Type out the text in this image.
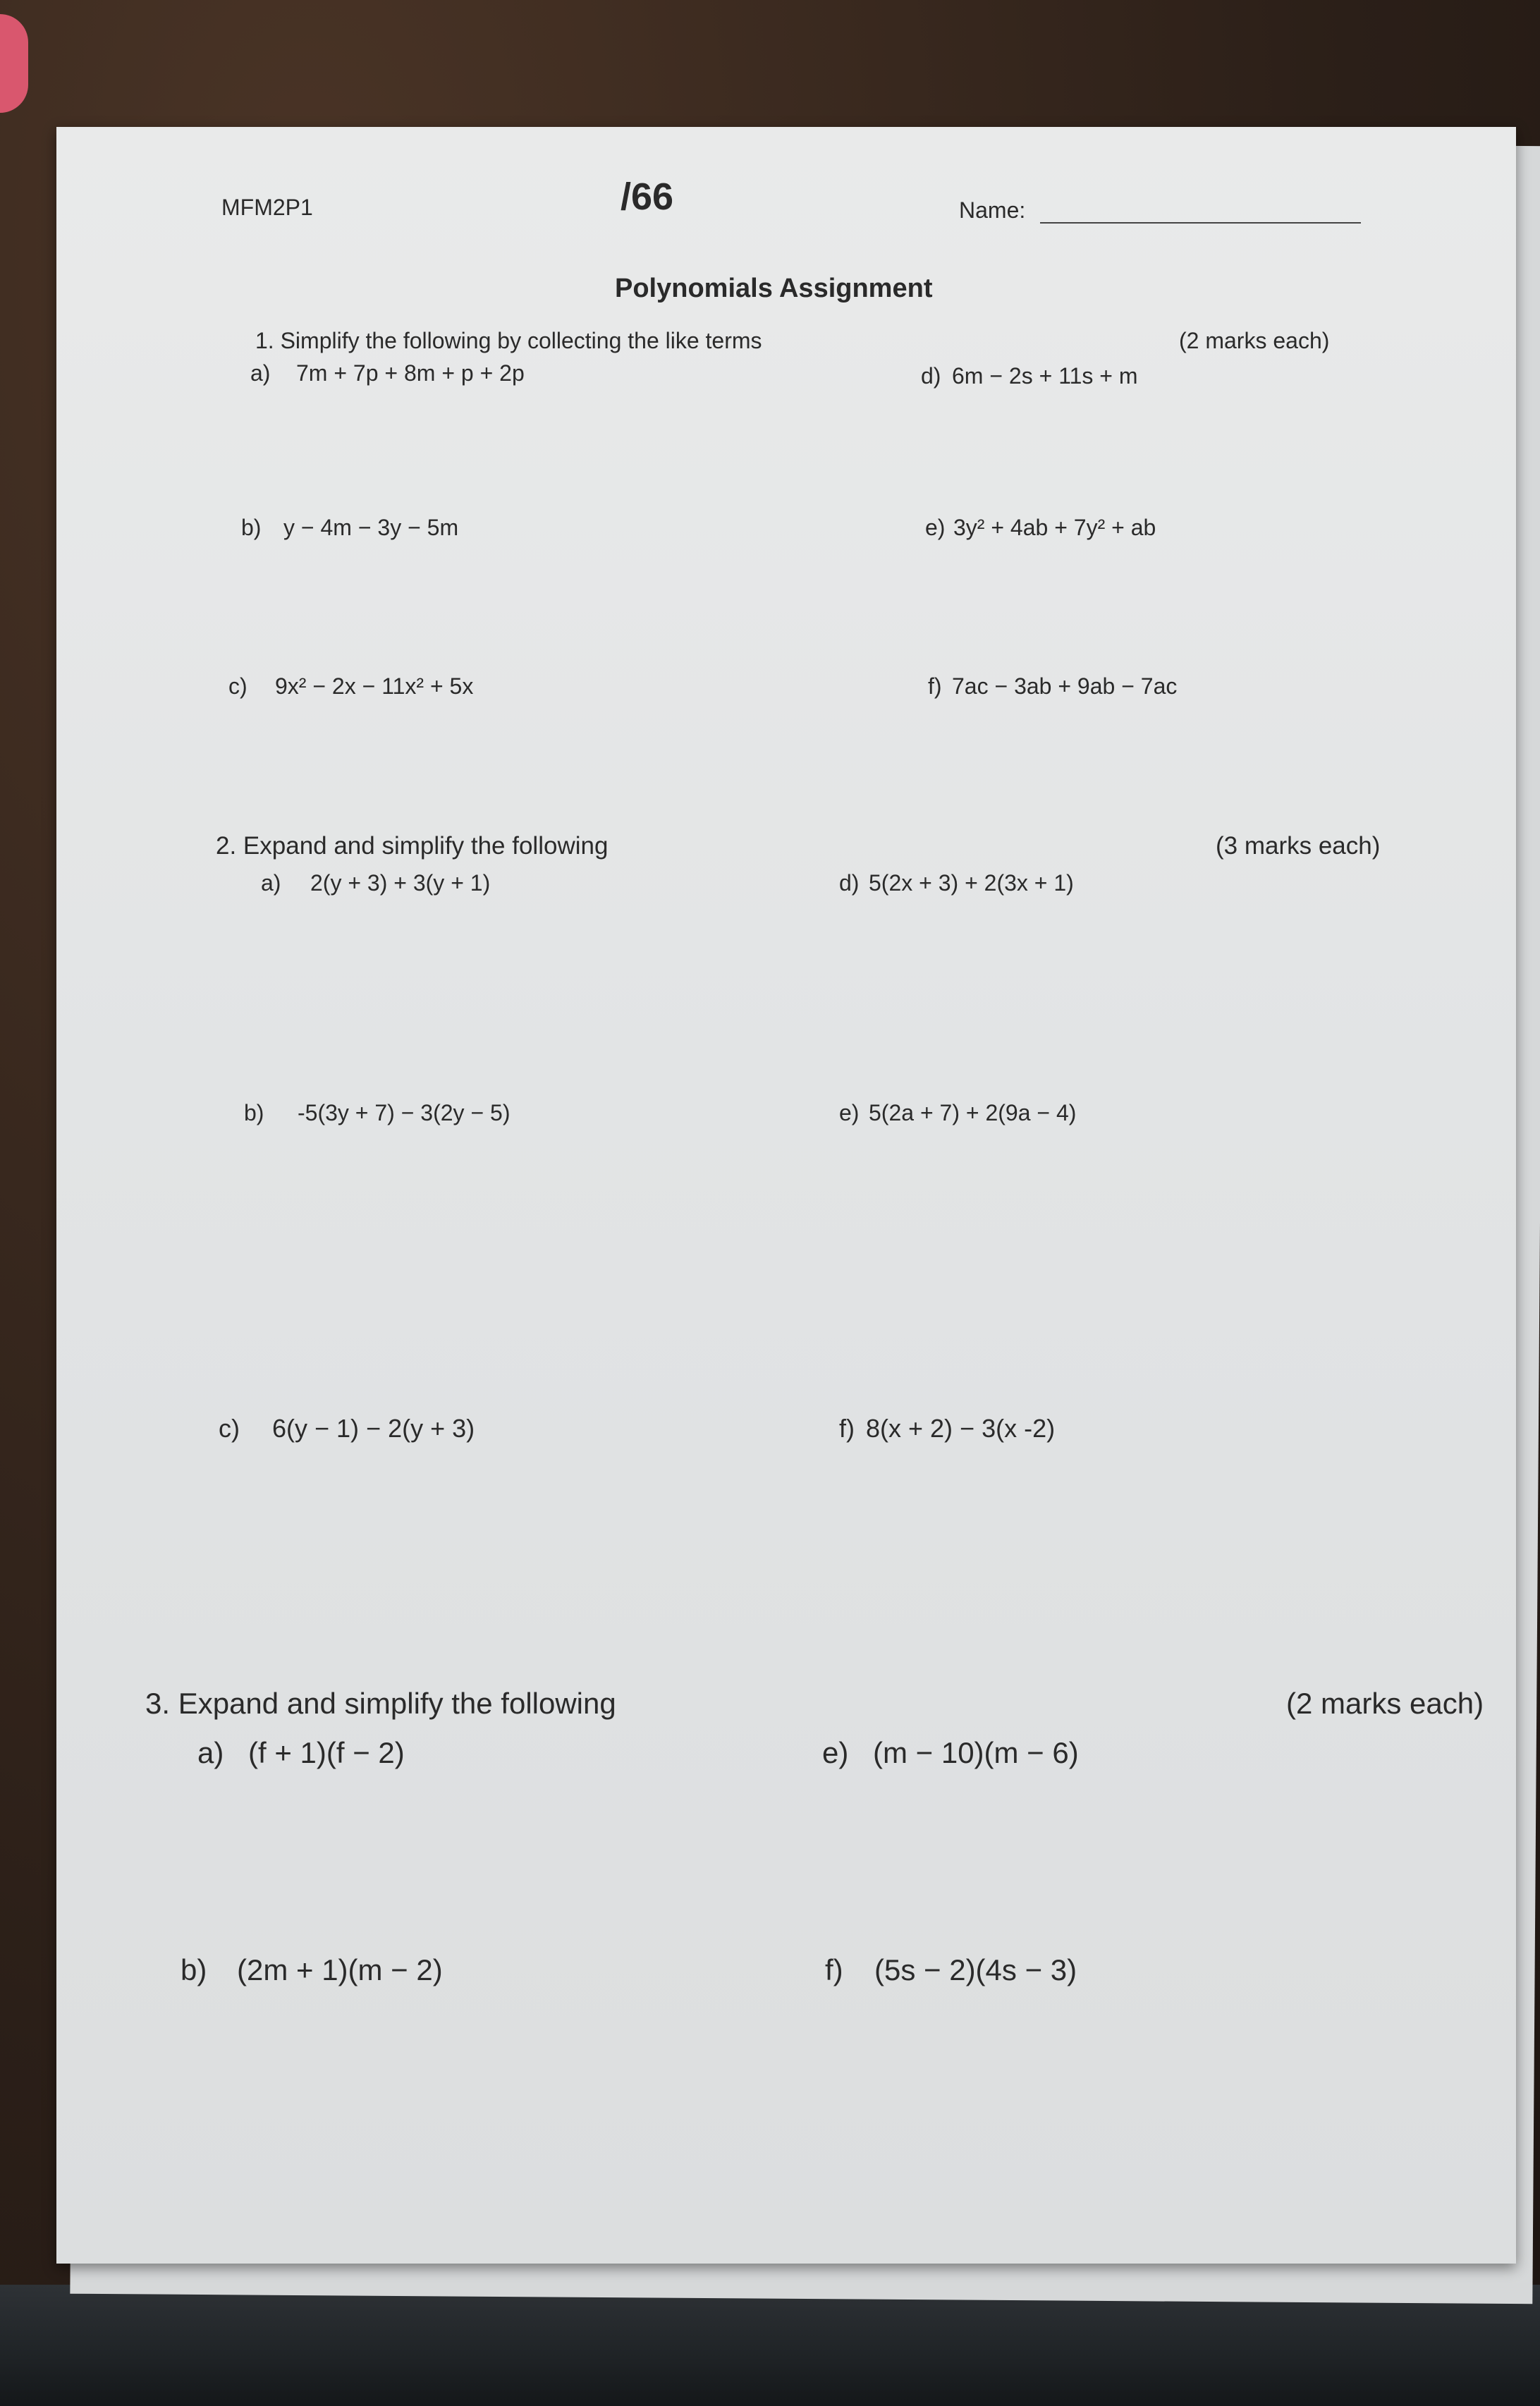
MFM2P1	/66	Name:
Polynomials Assignment
1. Simplify the following by collecting the like terms	(2 marks each)
a) 7m + 7p + 8m + p + 2p	d) 6m − 2s + 11s + m
b) y − 4m − 3y − 5m	e) 3y² + 4ab + 7y² + ab
c) 9x² − 2x − 11x² + 5x	f) 7ac − 3ab + 9ab − 7ac
2. Expand and simplify the following	(3 marks each)
a) 2(y + 3) + 3(y + 1)	d) 5(2x + 3) + 2(3x + 1)
b) -5(3y + 7) − 3(2y − 5)	e) 5(2a + 7) + 2(9a − 4)
c) 6(y − 1) − 2(y + 3)	f) 8(x + 2) − 3(x -2)
3. Expand and simplify the following	(2 marks each)
a) (f + 1)(f − 2)	e) (m − 10)(m − 6)
b) (2m + 1)(m − 2)	f) (5s − 2)(4s − 3)
